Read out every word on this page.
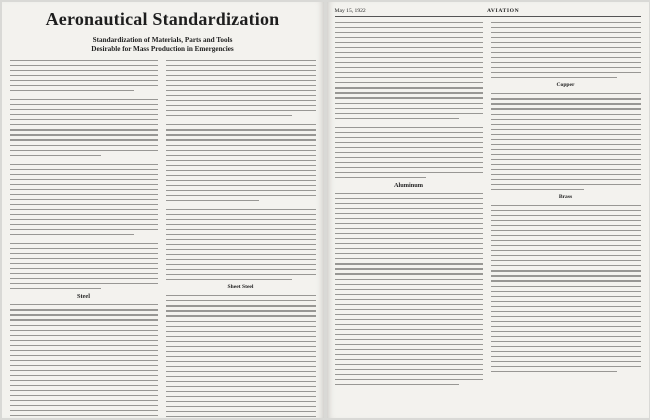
Aeronautical Standardization
Standardization of Materials, Parts and Tools
Desirable for Mass Production in Emergencies
Steel
Sheet Steel
May 15, 1922	AVIATION
Aluminum
Copper
Brass
